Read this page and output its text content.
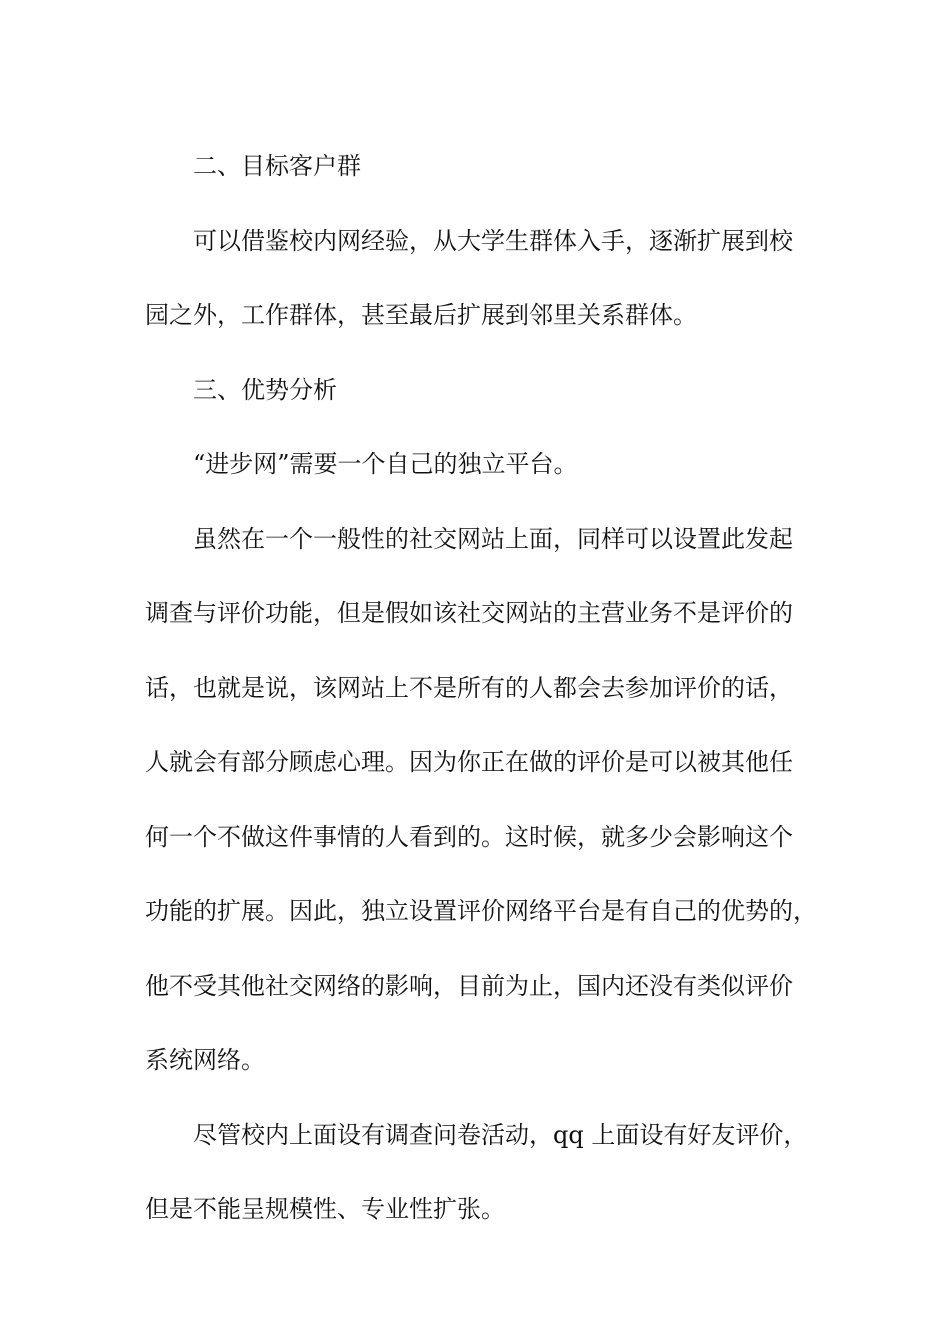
二、目标客户群
可以借鉴校内网经验，从大学生群体入手，逐渐扩展到校
园之外，工作群体，甚至最后扩展到邻里关系群体。
三、优势分析
“进步网”需要一个自己的独立平台。
虽然在一个一般性的社交网站上面，同样可以设置此发起
调查与评价功能，但是假如该社交网站的主营业务不是评价的
话，也就是说，该网站上不是所有的人都会去参加评价的话，
人就会有部分顾虑心理。因为你正在做的评价是可以被其他任
何一个不做这件事情的人看到的。这时候，就多少会影响这个
功能的扩展。因此，独立设置评价网络平台是有自己的优势的，
他不受其他社交网络的影响，目前为止，国内还没有类似评价
系统网络。
尽管校内上面设有调查问卷活动，qq 上面设有好友评价，
但是不能呈规模性、专业性扩张。
